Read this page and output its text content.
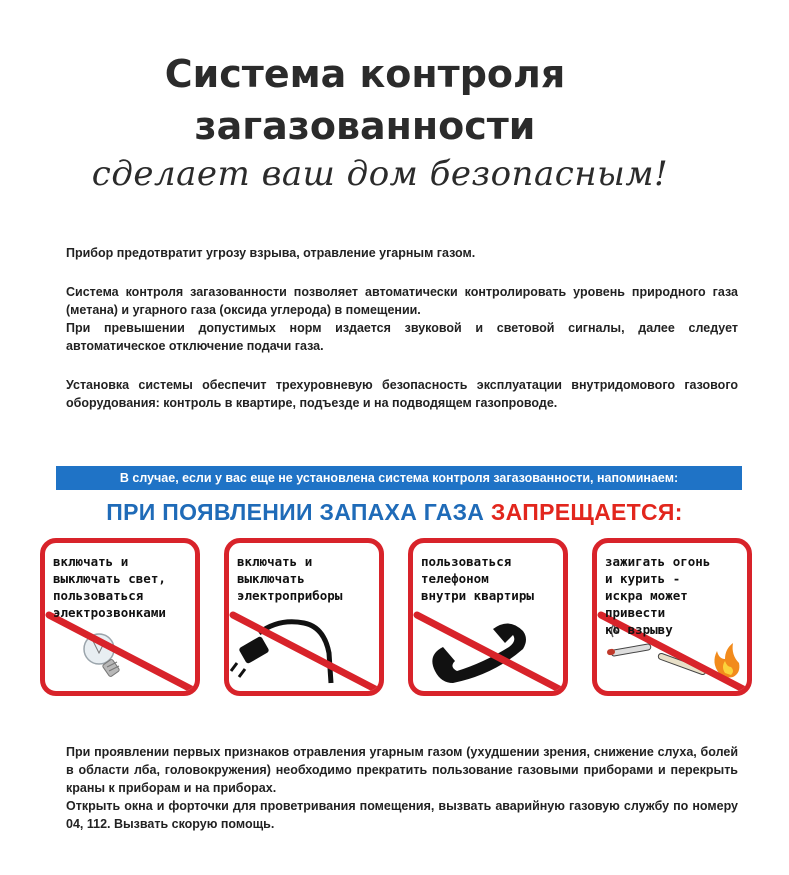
Система контроля
загазованности
сделает ваш дом безопасным!

Прибор предотвратит угрозу взрыва, отравление угарным газом.

Система контроля загазованности позволяет автоматически контролировать уровень природного газа (метана) и угарного газа (оксида углерода) в помещении.

При превышении допустимых норм издается звуковой и световой сигналы, далее следует автоматическое отключение подачи газа.

Установка системы обеспечит трехуровневую безопасность эксплуатации внутридомового газового оборудования: контроль в квартире, подъезде и на подводящем газопроводе.

В случае, если у вас еще не установлена система контроля загазованности, напоминаем:
ПРИ ПОЯВЛЕНИИ ЗАПАХА ГАЗА ЗАПРЕЩАЕТСЯ:
включать и
выключать свет,
пользоваться
электрозвонками
включать и
выключать
электроприборы
пользоваться
телефоном
внутри квартиры
зажигать огонь
и курить -
искра может
привести
ко взрыву

При проявлении первых признаков отравления угарным газом (ухудшении зрения, снижение слуха, болей в области лба, головокружения) необходимо прекратить пользование газовыми приборами и перекрыть краны к приборам и на приборах.

Открыть окна и форточки для проветривания помещения, вызвать аварийную газовую службу по номеру 04, 112. Вызвать скорую помощь.
